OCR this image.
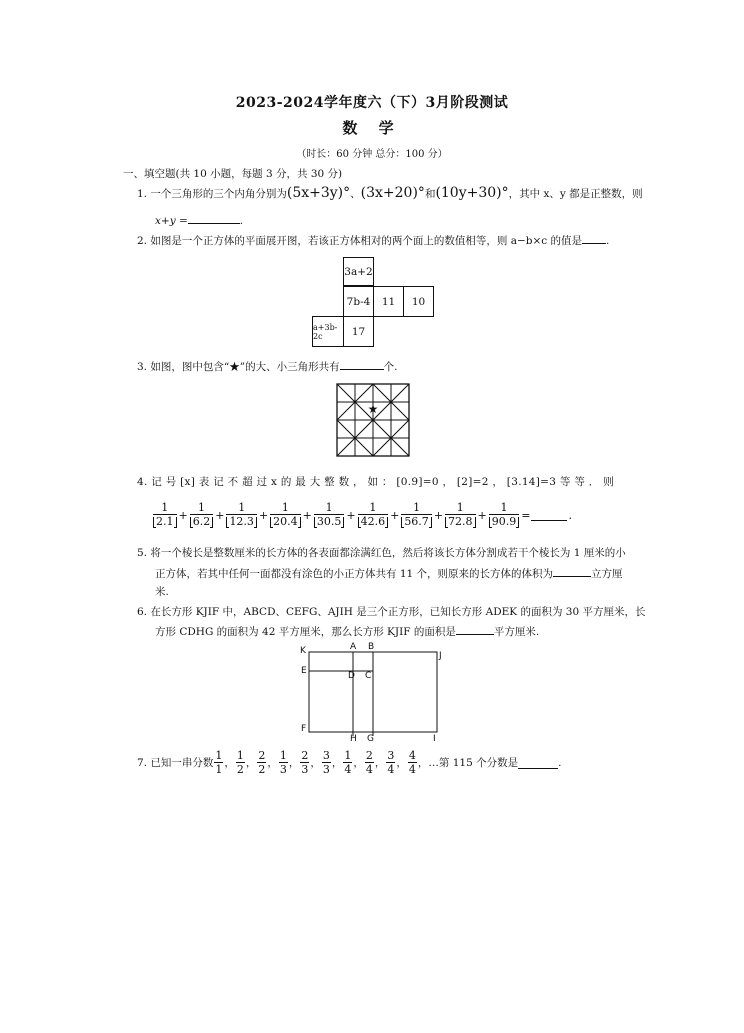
2023-2024学年度六（下）3月阶段测试
数 学
（时长：60 分钟 总分：100 分）
一、填空题(共 10 小题，每题 3 分，共 30 分)
1. 一个三角形的三个内角分别为(5x+3y)°、(3x+20)°和(10y+30)°，其中 x、y 都是正整数，则
x+y =	.
2. 如图是一个正方体的平面展开图，若该正方体相对的两个面上的数值相等，则 a−b×c 的值是 .
3a+2
7b-4	11	10
a+3b-2c	17
3. 如图，图中包含“★”的大、小三角形共有	个.
★
4. 记 号 [x] 表 记 不 超 过 x 的 最 大 整 数 ， 如 ： [0.9]=0 ， [2]=2 ， [3.14]=3 等 等 ． 则
$\frac{1}{2.1} + \frac{1}{6.2} + \frac{1}{12.3} + \frac{1}{20.4} + \frac{1}{30.5} + \frac{1}{42.6} + \frac{1}{56.7} + \frac{1}{72.8} + \frac{1}{90.9}$ =	.
5. 将一个棱长是整数厘米的长方体的各表面都涂满红色，然后将该长方体分割成若干个棱长为 1 厘米的小
正方体，若其中任何一面都没有涂色的小正方体共有 11 个，则原来的长方体的体积为	立方厘
米.
6. 在长方形 KJIF 中，ABCD、CEFG、AJIH 是三个正方形，已知长方形 ADEK 的面积为 30 平方厘米，长
方形 CDHG 的面积为 42 平方厘米，那么长方形 KJIF 的面积是	平方厘米.
K	A B
J
E	D C
F
H G	I
7. 已知一串分数 $\frac{1}{1}$ ， $\frac{1}{2}$ ， $\frac{2}{2}$ ， $\frac{1}{3}$ ， $\frac{2}{3}$ ， $\frac{3}{3}$ ， $\frac{1}{4}$ ， $\frac{2}{4}$ ， $\frac{3}{4}$ ， $\frac{4}{4}$ ，…第 115 个分数是	.
